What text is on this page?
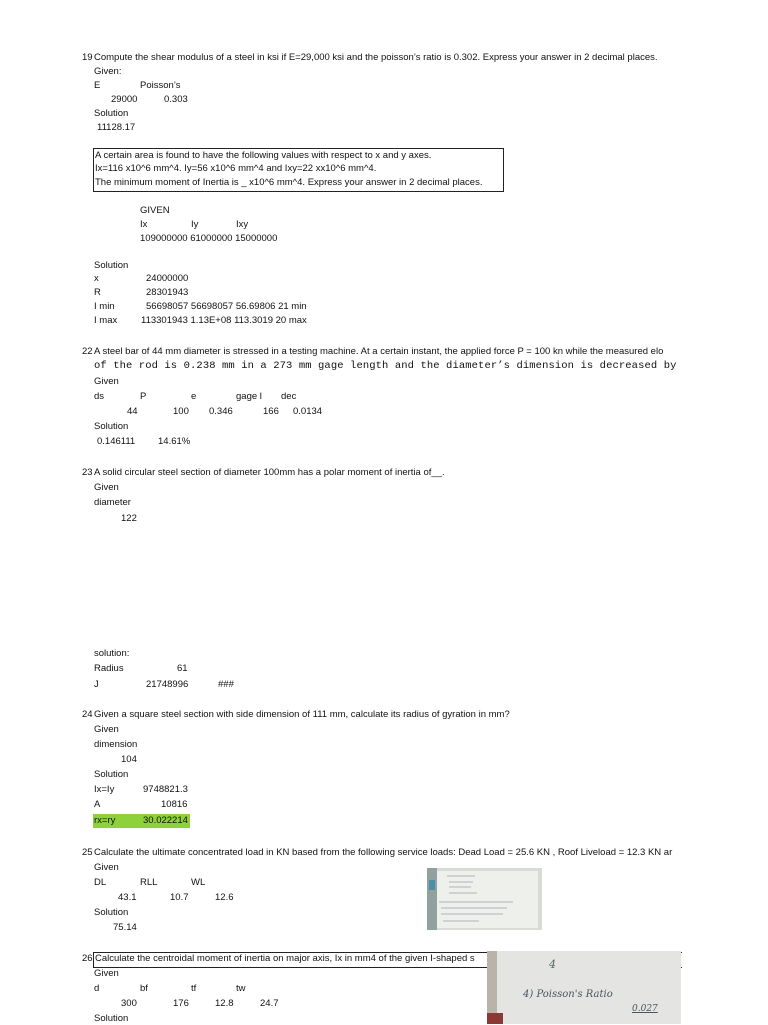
19 Compute the shear modulus of a steel in ksi if E=29,000 ksi and the poisson’s ratio is 0.302. Express your answer in 2 decimal places.
Given:
E	Poisson’s
29000	0.303
Solution
11128.17
A certain area is found to have the following values with respect to x and y axes.
Ix=116 x10^6 mm^4. Iy=56 x10^6 mm^4 and Ixy=22 xx10^6 mm^4.
The minimum moment of Inertia is _ x10^6 mm^4. Express your answer in 2 decimal places.
GIVEN
Ix	Iy	Ixy
109000000 61000000 15000000
Solution
x	24000000
R	28301943
I min	56698057 56698057 56.69806 21 min
I max	113301943 1.13E+08 113.3019 20 max
22 A steel bar of 44 mm diameter is stressed in a testing machine. At a certain instant, the applied force P = 100 kn while the measured elo
of the rod is 0.238 mm in a 273 mm gage length and the diameter’s dimension is decreased by
Given
ds	P	e	gage l dec
44	100 0.346	166 0.0134
Solution
0.146111 14.61%
23 A solid circular steel section of diameter 100mm has a polar moment of inertia of__.
Given
diameter
122
solution:
Radius	61
J	21748996	###
24 Given a square steel section with side dimension of 111 mm, calculate its radius of gyration in mm?
Given
dimension
104
Solution
Ix=Iy	9748821.3
A	10816
rx=ry	30.022214
25 Calculate the ultimate concentrated load in KN based from the following service loads: Dead Load = 25.6 KN , Roof Liveload = 12.3 KN ar
Given
DL	RLL	WL
43.1	10.7	12.6
Solution
75.14
26 Calculate the centroidal moment of inertia on major axis, Ix in mm4 of the given I-shaped s
Given
d	bf	tf	tw
300	176	12.8	24.7
Solution
4
4) Poisson's Ratio
0.027
